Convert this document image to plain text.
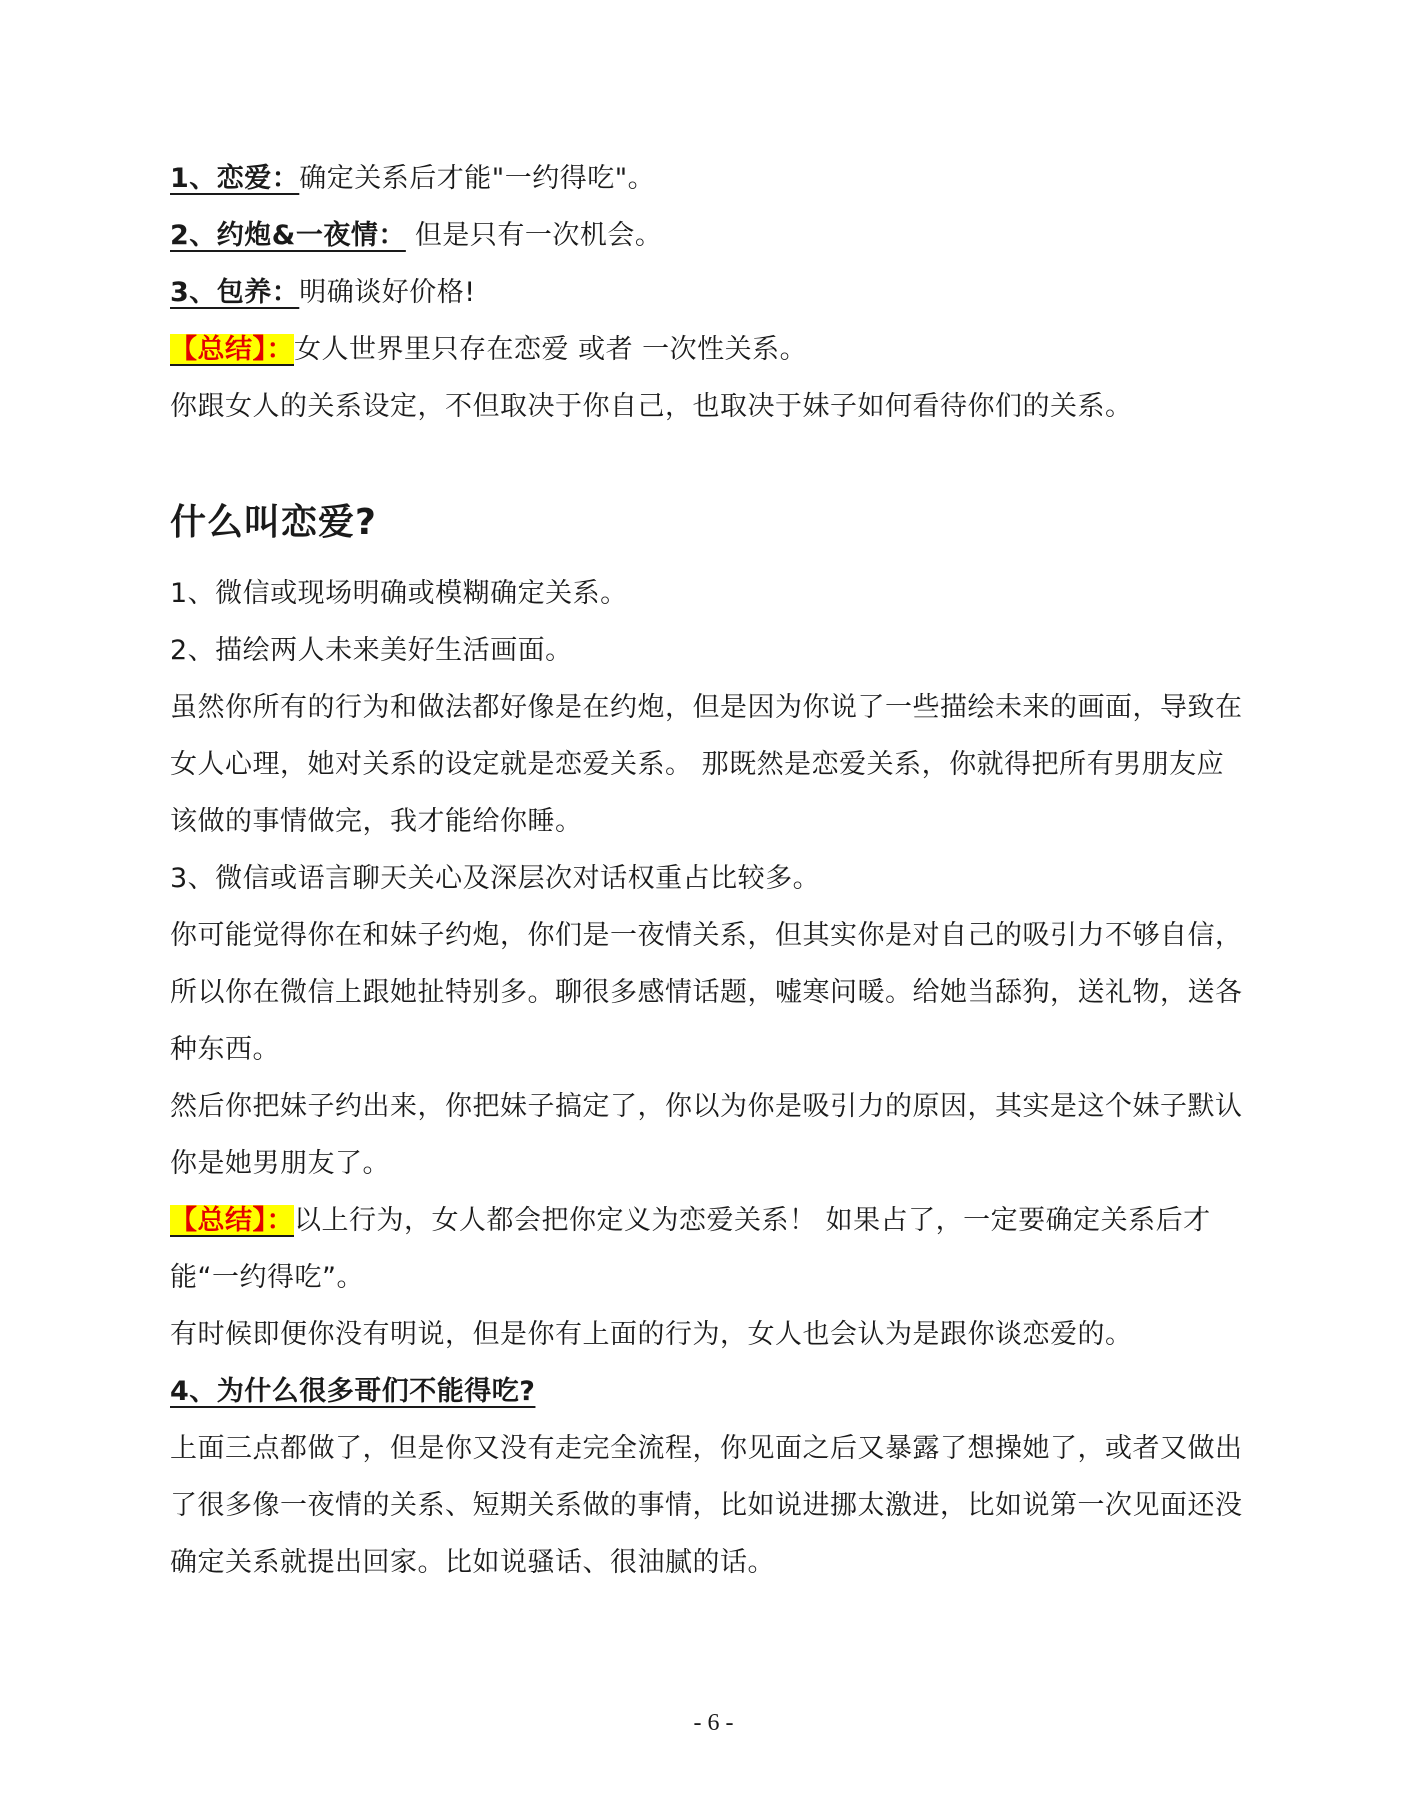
1、恋爱：确定关系后才能"一约得吃"。
2、约炮&一夜情： 但是只有一次机会。
3、包养：明确谈好价格!
【总结】：女人世界里只存在恋爱 或者 一次性关系。
你跟女人的关系设定，不但取决于你自己，也取决于妹子如何看待你们的关系。
什么叫恋爱?
1、微信或现场明确或模糊确定关系。
2、描绘两人未来美好生活画面。
虽然你所有的行为和做法都好像是在约炮，但是因为你说了一些描绘未来的画面，导致在
女人心理，她对关系的设定就是恋爱关系。 那既然是恋爱关系，你就得把所有男朋友应
该做的事情做完，我才能给你睡。
3、微信或语言聊天关心及深层次对话权重占比较多。
你可能觉得你在和妹子约炮，你们是一夜情关系，但其实你是对自己的吸引力不够自信，
所以你在微信上跟她扯特别多。聊很多感情话题，嘘寒问暖。给她当舔狗，送礼物，送各
种东西。
然后你把妹子约出来，你把妹子搞定了，你以为你是吸引力的原因，其实是这个妹子默认
你是她男朋友了。
【总结】：以上行为，女人都会把你定义为恋爱关系！ 如果占了，一定要确定关系后才
能“一约得吃”。
有时候即便你没有明说，但是你有上面的行为，女人也会认为是跟你谈恋爱的。
4、为什么很多哥们不能得吃?
上面三点都做了，但是你又没有走完全流程，你见面之后又暴露了想操她了，或者又做出
了很多像一夜情的关系、短期关系做的事情，比如说进挪太激进，比如说第一次见面还没
确定关系就提出回家。比如说骚话、很油腻的话。
- 6 -
